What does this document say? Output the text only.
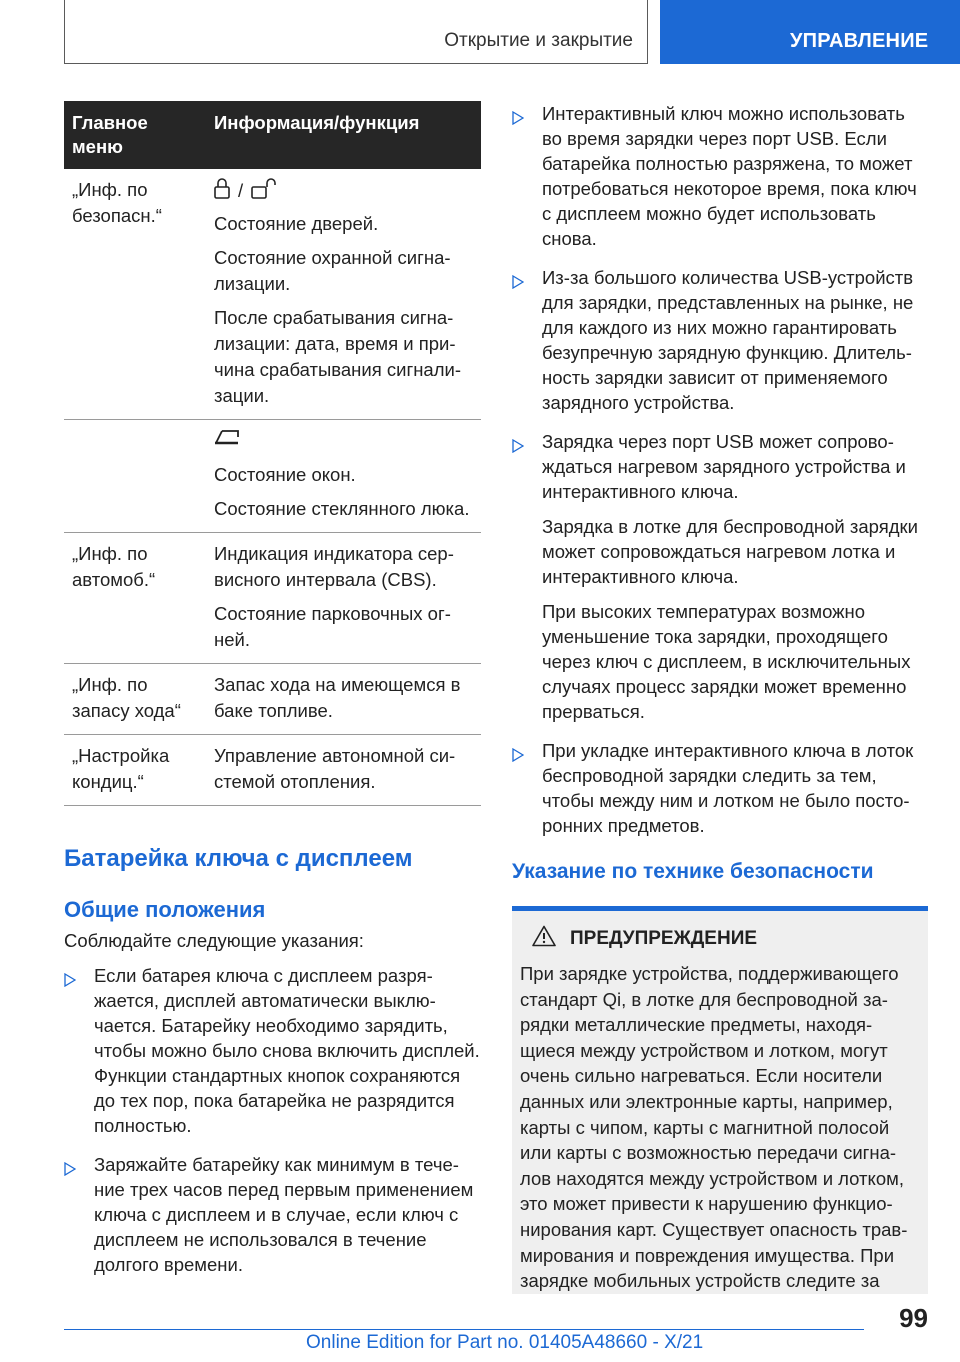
Открытие и закрытие	УПРАВЛЕНИЕ
Главное меню	Информация/функция
„Инф. по безопасн.“	/

Состояние дверей.

Состояние охранной сигнализации.

После срабатывания сигнализации: дата, время и причина срабатывания сигнализации.

	Состояние окон.

Состояние стеклянного люка.

„Инф. по автомоб.“	Индикация индикатора сервисного интервала (CBS).

Состояние парковочных огней.

„Инф. по запасу хода“	Запас хода на имеющемся в баке топливе.

„Настройка кондиц.“	Управление автономной системой отопления.

Батарейка ключа с дисплеем
Общие положения

Соблюдайте следующие указания:

Если батарея ключа с дисплеем разряжается, дисплей автоматически выключается. Батарейку необходимо зарядить, чтобы можно было снова включить дисплей. Функции стандартных кнопок сохраняются до тех пор, пока батарейка не разрядится полностью.

Заряжайте батарейку как минимум в течение трех часов перед первым применением ключа с дисплеем и в случае, если ключ с дисплеем не использовался в течение долгого времени.

Интерактивный ключ можно использовать во время зарядки через порт USB. Если батарейка полностью разряжена, то может потребоваться некоторое время, пока ключ с дисплеем можно будет использовать снова.

Из-за большого количества USB-устройств для зарядки, представленных на рынке, не для каждого из них можно гарантировать безупречную зарядную функцию. Длительность зарядки зависит от применяемого зарядного устройства.

Зарядка через порт USB может сопровождаться нагревом зарядного устройства и интерактивного ключа.

Зарядка в лотке для беспроводной зарядки может сопровождаться нагревом лотка и интерактивного ключа.

При высоких температурах возможно уменьшение тока зарядки, проходящего через ключ с дисплеем, в исключительных случаях процесс зарядки может временно прерваться.

При укладке интерактивного ключа в лоток беспроводной зарядки следить за тем, чтобы между ним и лотком не было посторонних предметов.

Указание по технике безопасности
ПРЕДУПРЕЖДЕНИЕ

При зарядке устройства, поддерживающего стандарт Qi, в лотке для беспроводной зарядки металлические предметы, находящиеся между устройством и лотком, могут очень сильно нагреваться. Если носители данных или электронные карты, например, карты с чипом, карты с магнитной полосой или карты с возможностью передачи сигналов находятся между устройством и лотком, это может привести к нарушению функционирования карт. Существует опасность травмирования и повреждения имущества. При зарядке мобильных устройств следите за

99
Online Edition for Part no. 01405A48660 - X/21
